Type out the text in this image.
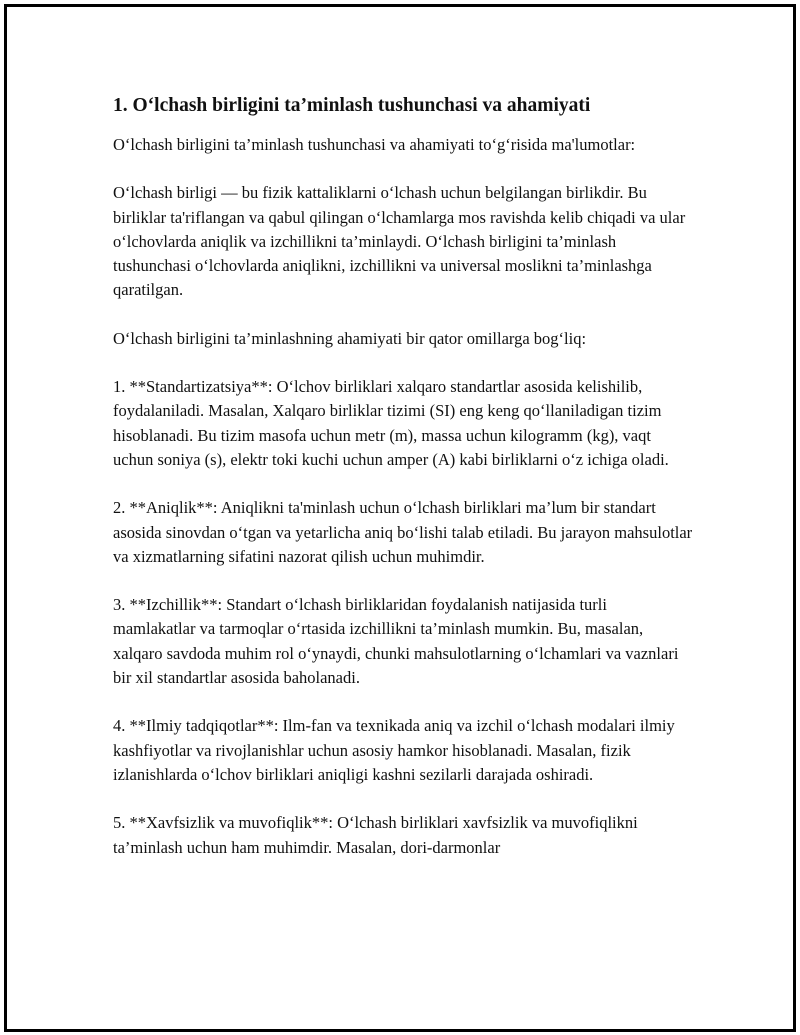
1. O‘lchash birligini ta’minlash tushunchasi va ahamiyati

O‘lchash birligini ta’minlash tushunchasi va ahamiyati to‘g‘risida ma'lumotlar:

O‘lchash birligi — bu fizik kattaliklarni o‘lchash uchun belgilangan birlikdir. Bu birliklar ta'riflangan va qabul qilingan o‘lchamlarga mos ravishda kelib chiqadi va ular o‘lchovlarda aniqlik va izchillikni ta’minlaydi. O‘lchash birligini ta’minlash tushunchasi o‘lchovlarda aniqlikni, izchillikni va universal moslikni ta’minlashga qaratilgan.

O‘lchash birligini ta’minlashning ahamiyati bir qator omillarga bog‘liq:

1. **Standartizatsiya**: O‘lchov birliklari xalqaro standartlar asosida kelishilib, foydalaniladi. Masalan, Xalqaro birliklar tizimi (SI) eng keng qo‘llaniladigan tizim hisoblanadi. Bu tizim masofa uchun metr (m), massa uchun kilogramm (kg), vaqt uchun soniya (s), elektr toki kuchi uchun amper (A) kabi birliklarni o‘z ichiga oladi.

2. **Aniqlik**: Aniqlikni ta'minlash uchun o‘lchash birliklari ma’lum bir standart asosida sinovdan o‘tgan va yetarlicha aniq bo‘lishi talab etiladi. Bu jarayon mahsulotlar va xizmatlarning sifatini nazorat qilish uchun muhimdir.

3. **Izchillik**: Standart o‘lchash birliklaridan foydalanish natijasida turli mamlakatlar va tarmoqlar o‘rtasida izchillikni ta’minlash mumkin. Bu, masalan, xalqaro savdoda muhim rol o‘ynaydi, chunki mahsulotlarning o‘lchamlari va vaznlari bir xil standartlar asosida baholanadi.

4. **Ilmiy tadqiqotlar**: Ilm-fan va texnikada aniq va izchil o‘lchash modalari ilmiy kashfiyotlar va rivojlanishlar uchun asosiy hamkor hisoblanadi. Masalan, fizik izlanishlarda o‘lchov birliklari aniqligi kashni sezilarli darajada oshiradi.

5. **Xavfsizlik va muvofiqlik**: O‘lchash birliklari xavfsizlik va muvofiqlikni ta’minlash uchun ham muhimdir. Masalan, dori-darmonlar
